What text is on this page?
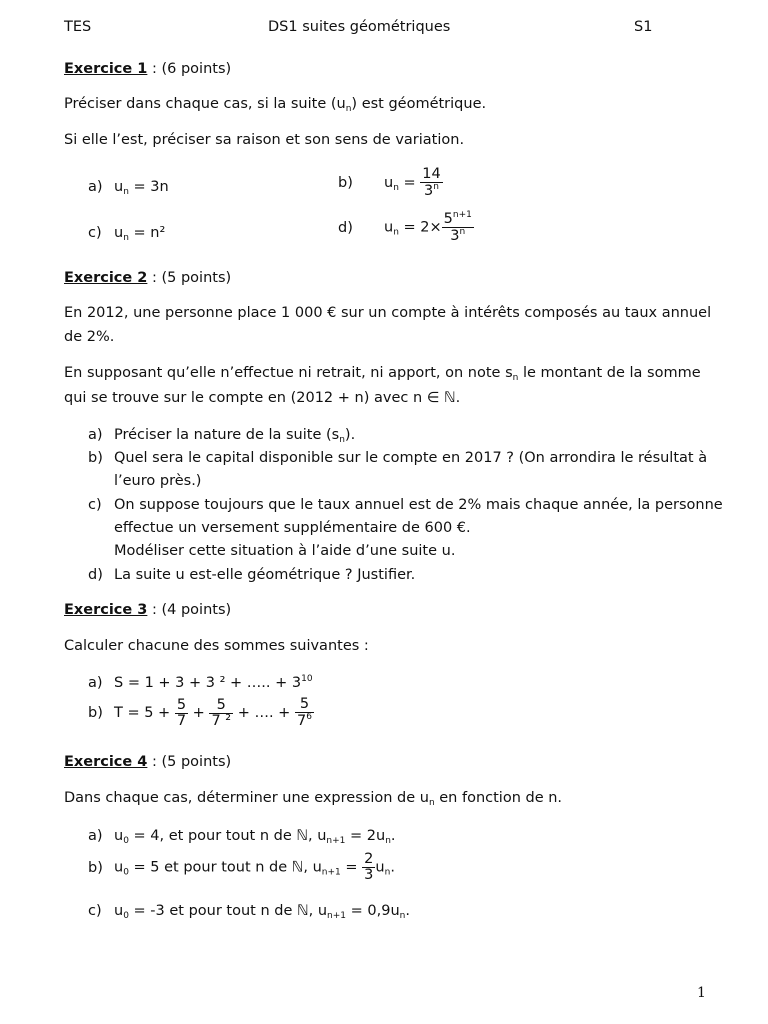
TES	DS1 suites géométriques	S1
Exercice 1 : (6 points)
Préciser dans chaque cas, si la suite $(u_n)$ est géométrique.
Si elle l’est, préciser sa raison et son sens de variation.
a) $u_n = 3n$	b) $u_n = \frac{14}{3^n}$
c) $u_n = n^2$	d) $u_n = 2\times \frac{5^{n+1}}{3^n}$
Exercice 2 : (5 points)
En 2012, une personne place 1 000 € sur un compte à intérêts composés au taux annuel
de 2%.
En supposant qu’elle n’effectue ni retrait, ni apport, on note $s_n$ le montant de la somme
qui se trouve sur le compte en (2012 + n) avec n ∈ ℕ.
a) Préciser la nature de la suite $(s_n)$.
b) Quel sera le capital disponible sur le compte en 2017 ? (On arrondira le résultat à
l’euro près.)
c) On suppose toujours que le taux annuel est de 2% mais chaque année, la personne
effectue un versement supplémentaire de 600 €.
Modéliser cette situation à l’aide d’une suite u.
d) La suite u est-elle géométrique ? Justifier.
Exercice 3 : (4 points)
Calculer chacune des sommes suivantes :
a) S = 1 + 3 + 3 ² + ….. + $3^{10}$
b) $T = 5 + \frac{5}{7} + \frac{5}{\text{7 ²}}$ + …. + $\frac{5}{7^6}$
Exercice 4 : (5 points)
Dans chaque cas, déterminer une expression de $u_n$ en fonction de n.
a) $u_0 = 4$, et pour tout n de ℕ, $u_{n+1} = 2u_n$.
b) $u_0 = 5$ et pour tout n de ℕ, $u_{n+1} = \frac{2}{3} u_n$.
c) $u_0 = -3$ et pour tout n de ℕ, $u_{n+1} = 0,9u_n$.
1
